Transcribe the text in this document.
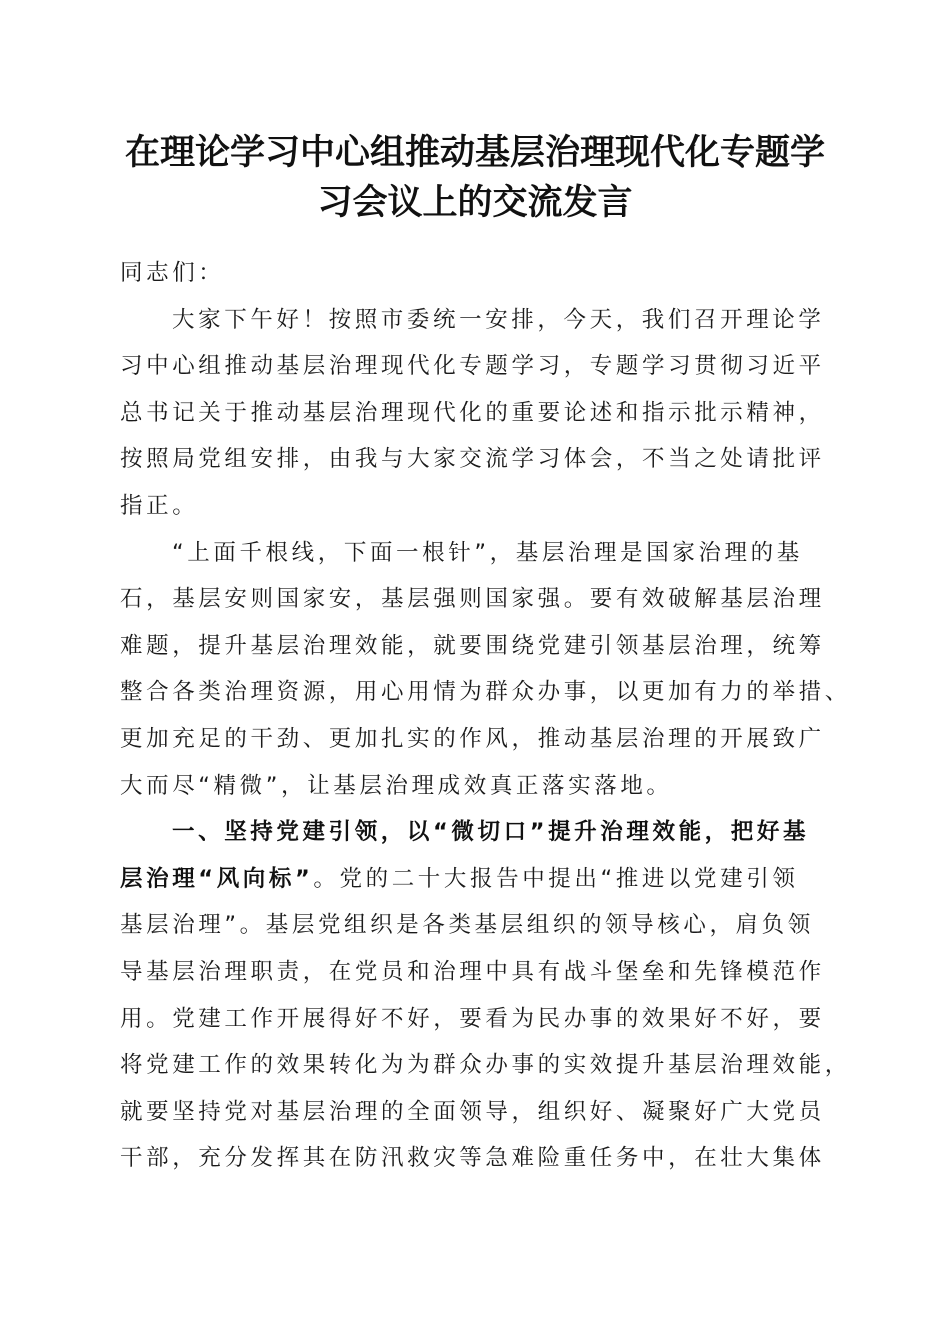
在理论学习中心组推动基层治理现代化专题学
习会议上的交流发言
同志们：
大家下午好！按照市委统一安排，今天，我们召开理论学
习中心组推动基层治理现代化专题学习，专题学习贯彻习近平
总书记关于推动基层治理现代化的重要论述和指示批示精神，
按照局党组安排，由我与大家交流学习体会，不当之处请批评
指正。
“上面千根线，下面一根针”，基层治理是国家治理的基
石，基层安则国家安，基层强则国家强。要有效破解基层治理
难题，提升基层治理效能，就要围绕党建引领基层治理，统筹
整合各类治理资源，用心用情为群众办事，以更加有力的举措、
更加充足的干劲、更加扎实的作风，推动基层治理的开展致广
大而尽“精微”，让基层治理成效真正落实落地。
一、坚持党建引领，以“微切口”提升治理效能，把好基
层治理“风向标”。党的二十大报告中提出“推进以党建引领
基层治理”。基层党组织是各类基层组织的领导核心，肩负领
导基层治理职责，在党员和治理中具有战斗堡垒和先锋模范作
用。党建工作开展得好不好，要看为民办事的效果好不好，要
将党建工作的效果转化为为群众办事的实效提升基层治理效能，
就要坚持党对基层治理的全面领导，组织好、凝聚好广大党员
干部，充分发挥其在防汛救灾等急难险重任务中，在壮大集体
